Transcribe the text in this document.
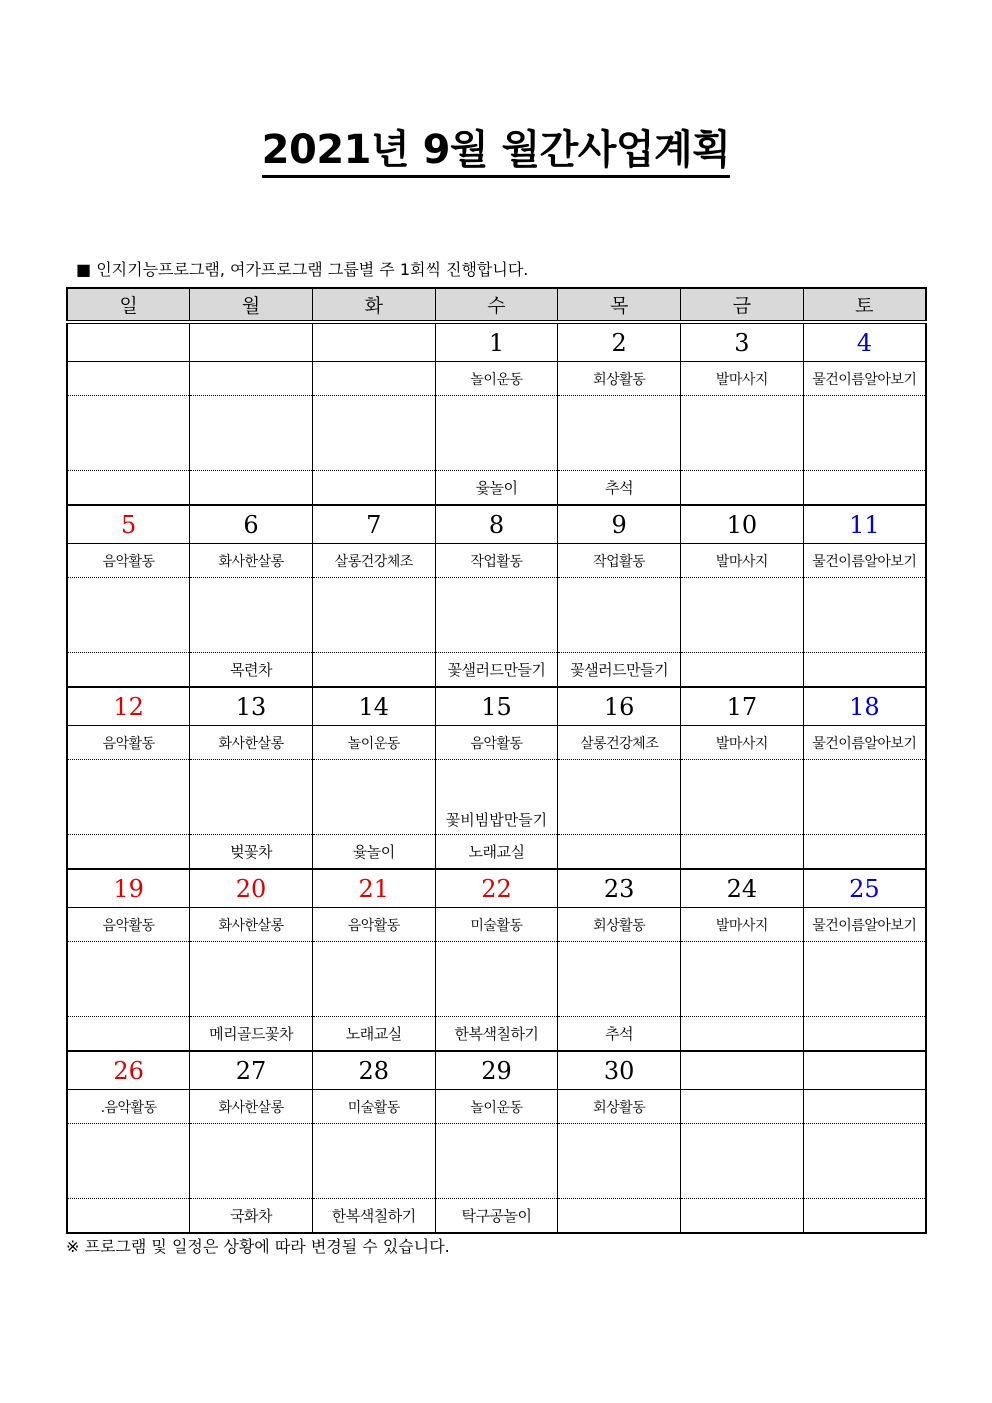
2021년 9월 월간사업계획
■ 인지기능프로그램, 여가프로그램 그룹별 주 1회씩 진행합니다.
일	월	화	수	목	금	토
			1	2	3	4
			놀이운동	회상활동	발마사지	물건이름알아보기

			윷놀이	추석		
5	6	7	8	9	10	11
음악활동	화사한살롱	살롱건강체조	작업활동	작업활동	발마사지	물건이름알아보기

	목련차		꽃샐러드만들기	꽃샐러드만들기		
12	13	14	15	16	17	18
음악활동	화사한살롱	놀이운동	음악활동	살롱건강체조	발마사지	물건이름알아보기
			꽃비빔밥만들기			
	벚꽃차	윷놀이	노래교실			
19	20	21	22	23	24	25
음악활동	화사한살롱	음악활동	미술활동	회상활동	발마사지	물건이름알아보기

	메리골드꽃차	노래교실	한복색칠하기	추석		
26	27	28	29	30		
.음악활동	화사한살롱	미술활동	놀이운동	회상활동		

	국화차	한복색칠하기	탁구공놀이			
※ 프로그램 및 일정은 상황에 따라 변경될 수 있습니다.
